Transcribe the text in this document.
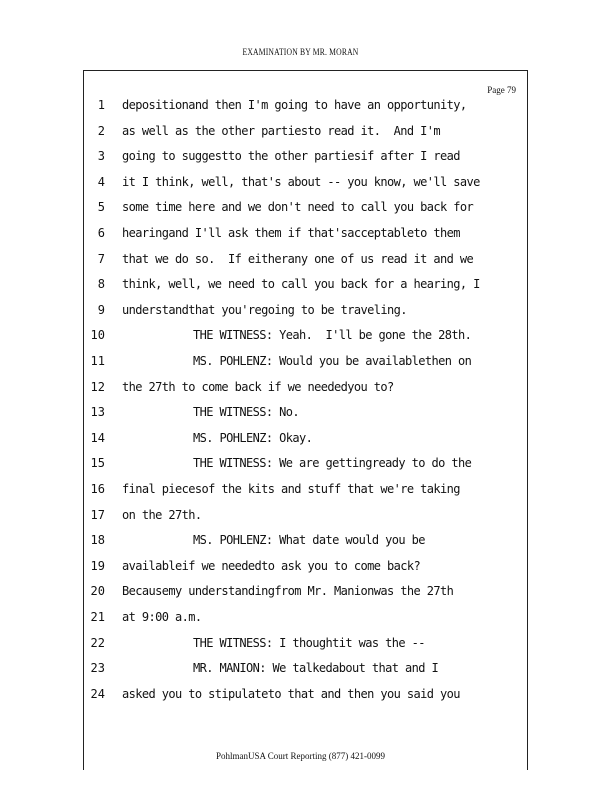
EXAMINATION BY MR. MORAN
Page 79
1 depositionand then I'm going to have an opportunity,
2 as well as the other partiesto read it.  And I'm
3 going to suggestto the other partiesif after I read
4 it I think, well, that's about -- you know, we'll save
5 some time here and we don't need to call you back for
6 hearingand I'll ask them if that'sacceptableto them
7 that we do so.  If eitherany one of us read it and we
8 think, well, we need to call you back for a hearing, I
9 understandthat you'regoing to be traveling.
10	THE WITNESS: Yeah.  I'll be gone the 28th.
11	MS. POHLENZ: Would you be availablethen on
12 the 27th to come back if we neededyou to?
13	THE WITNESS: No.
14	MS. POHLENZ: Okay.
15	THE WITNESS: We are gettingready to do the
16 final piecesof the kits and stuff that we're taking
17 on the 27th.
18	MS. POHLENZ: What date would you be
19 availableif we neededto ask you to come back?
20 Becausemy understandingfrom Mr. Manionwas the 27th
21 at 9:00 a.m.
22	THE WITNESS: I thoughtit was the --
23	MR. MANION: We talkedabout that and I
24 asked you to stipulateto that and then you said you
PohlmanUSA Court Reporting (877) 421-0099
